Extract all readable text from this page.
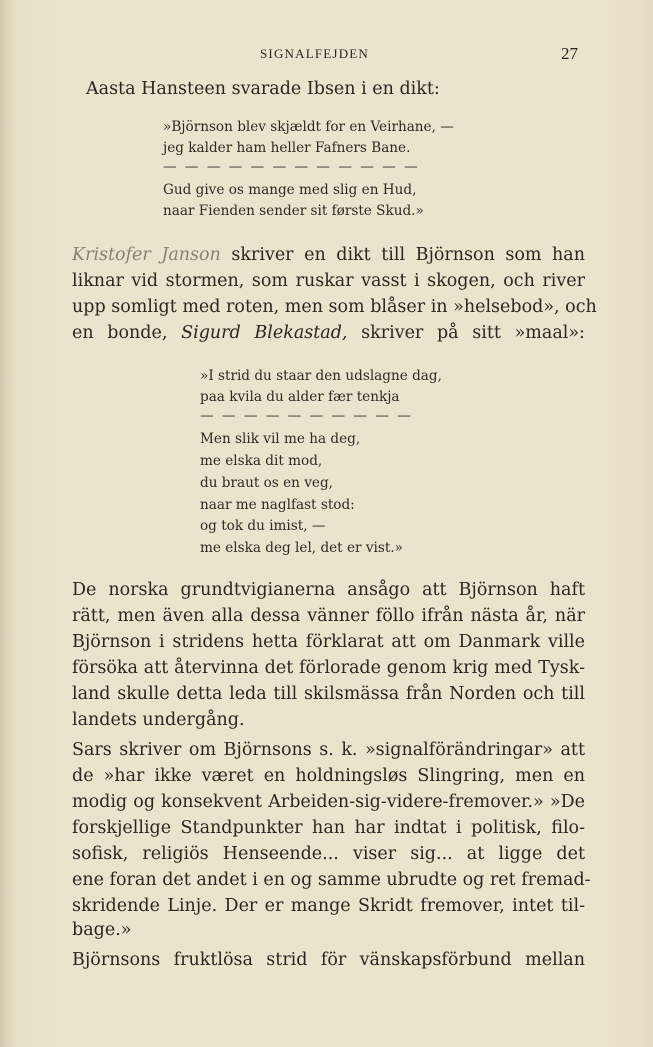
SIGNALFEJDEN	27
Aasta Hansteen svarade Ibsen i en dikt:
»Björnson blev skjældt for en Veirhane, —
jeg kalder ham heller Fafners Bane.
— — — — — — — — — — — —
Gud give os mange med slig en Hud,
naar Fienden sender sit første Skud.»
Kristofer Janson skriver en dikt till Björnson som han
liknar vid stormen, som ruskar vasst i skogen, och river
upp somligt med roten, men som blåser in »helsebod», och
en bonde, Sigurd Blekastad, skriver på sitt »maal»:
»I strid du staar den udslagne dag,
paa kvila du alder fær tenkja
— — — — — — — — — —
Men slik vil me ha deg,
me elska dit mod,
du braut os en veg,
naar me naglfast stod:
og tok du imist, —
me elska deg lel, det er vist.»
De norska grundtvigianerna ansågo att Björnson haft
rätt, men även alla dessa vänner föllo ifrån nästa år, när
Björnson i stridens hetta förklarat att om Danmark ville
försöka att återvinna det förlorade genom krig med Tysk-
land skulle detta leda till skilsmässa från Norden och till
landets undergång.
Sars skriver om Björnsons s. k. »signalförändringar» att
de »har ikke været en holdningsløs Slingring, men en
modig og konsekvent Arbeiden-sig-videre-fremover.» »De
forskjellige Standpunkter han har indtat i politisk, filo-
sofisk, religiös Henseende... viser sig... at ligge det
ene foran det andet i en og samme ubrudte og ret fremad-
skridende Linje. Der er mange Skridt fremover, intet til-
bage.»
Björnsons fruktlösa strid för vänskapsförbund mellan
